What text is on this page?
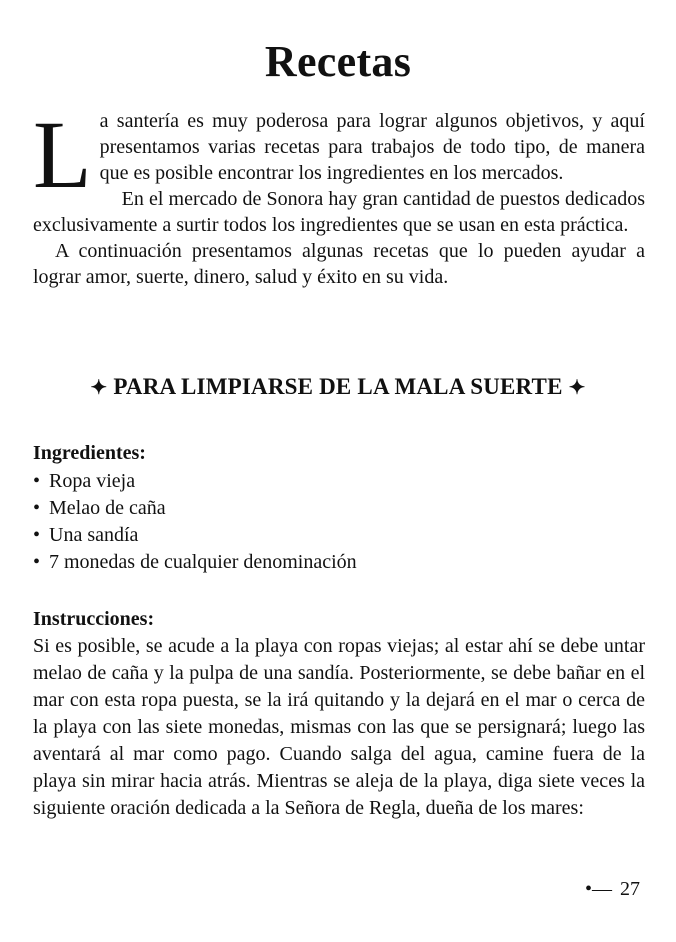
Recetas

La santería es muy poderosa para lograr algunos objetivos, y aquí presentamos varias recetas para trabajos de todo tipo, de manera que es posible encontrar los ingredientes en los mercados.

En el mercado de Sonora hay gran cantidad de puestos dedicados exclusivamente a surtir todos los ingredientes que se usan en esta práctica.

A continuación presentamos algunas recetas que lo pueden ayudar a lograr amor, suerte, dinero, salud y éxito en su vida.

✦ PARA LIMPIARSE DE LA MALA SUERTE ✦

Ingredientes:

• Ropa vieja
• Melao de caña
• Una sandía
• 7 monedas de cualquier denominación

Instrucciones:

Si es posible, se acude a la playa con ropas viejas; al estar ahí se debe untar melao de caña y la pulpa de una sandía. Posteriormente, se debe bañar en el mar con esta ropa puesta, se la irá quitando y la dejará en el mar o cerca de la playa con las siete monedas, mismas con las que se persignará; luego las aventará al mar como pago. Cuando salga del agua, camine fuera de la playa sin mirar hacia atrás. Mientras se aleja de la playa, diga siete veces la siguiente oración dedicada a la Señora de Regla, dueña de los mares:

•— 27
